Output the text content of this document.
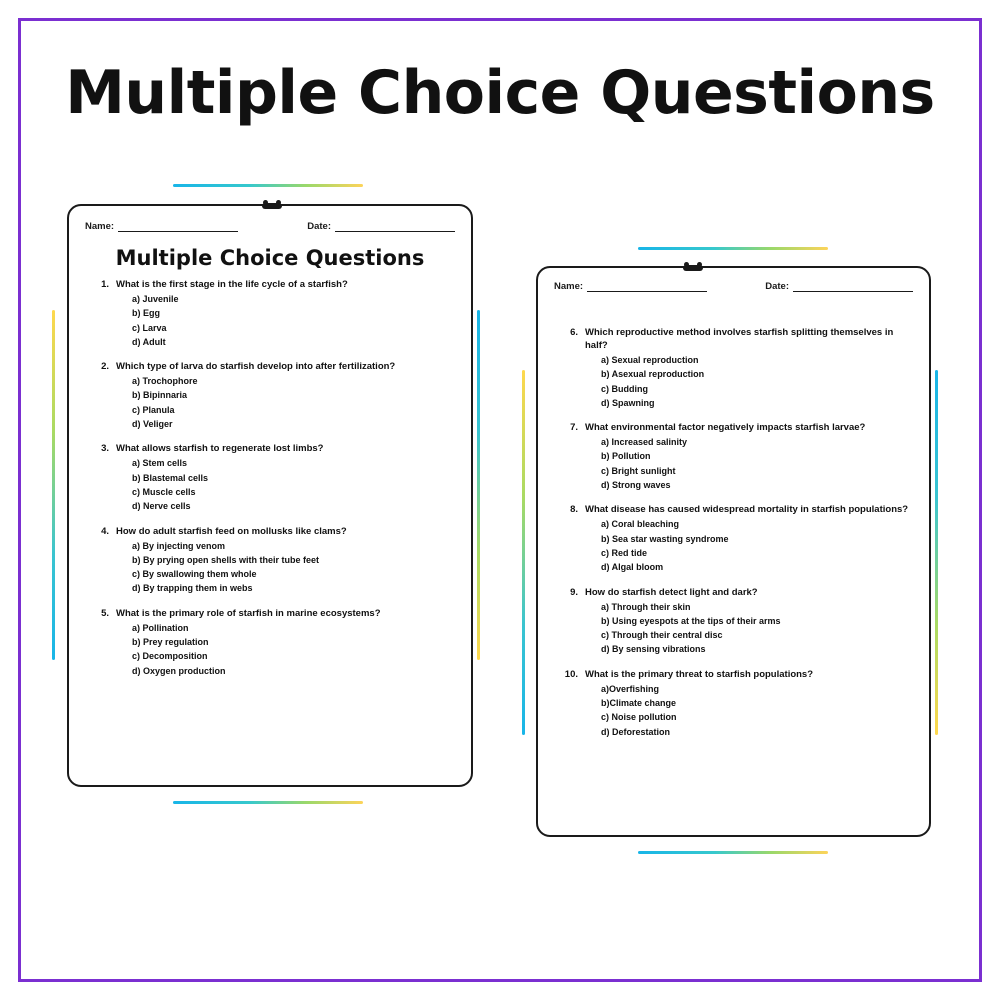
Multiple Choice Questions
Name:	Date:
Multiple Choice Questions
1. What is the first stage in the life cycle of a starfish?
a) Juvenile
b) Egg
c) Larva
d) Adult
2. Which type of larva do starfish develop into after fertilization?
a) Trochophore
b) Bipinnaria
c) Planula
d) Veliger
3. What allows starfish to regenerate lost limbs?
a) Stem cells
b) Blastemal cells
c) Muscle cells
d) Nerve cells
4. How do adult starfish feed on mollusks like clams?
a) By injecting venom
b) By prying open shells with their tube feet
c) By swallowing them whole
d) By trapping them in webs
5. What is the primary role of starfish in marine ecosystems?
a) Pollination
b) Prey regulation
c) Decomposition
d) Oxygen production
Name:	Date:
6. Which reproductive method involves starfish splitting themselves in half?
a) Sexual reproduction
b) Asexual reproduction
c) Budding
d) Spawning
7. What environmental factor negatively impacts starfish larvae?
a) Increased salinity
b) Pollution
c) Bright sunlight
d) Strong waves
8. What disease has caused widespread mortality in starfish populations?
a) Coral bleaching
b) Sea star wasting syndrome
c) Red tide
d) Algal bloom
9. How do starfish detect light and dark?
a) Through their skin
b) Using eyespots at the tips of their arms
c) Through their central disc
d) By sensing vibrations
10. What is the primary threat to starfish populations?
a)Overfishing
b)Climate change
c) Noise pollution
d) Deforestation
